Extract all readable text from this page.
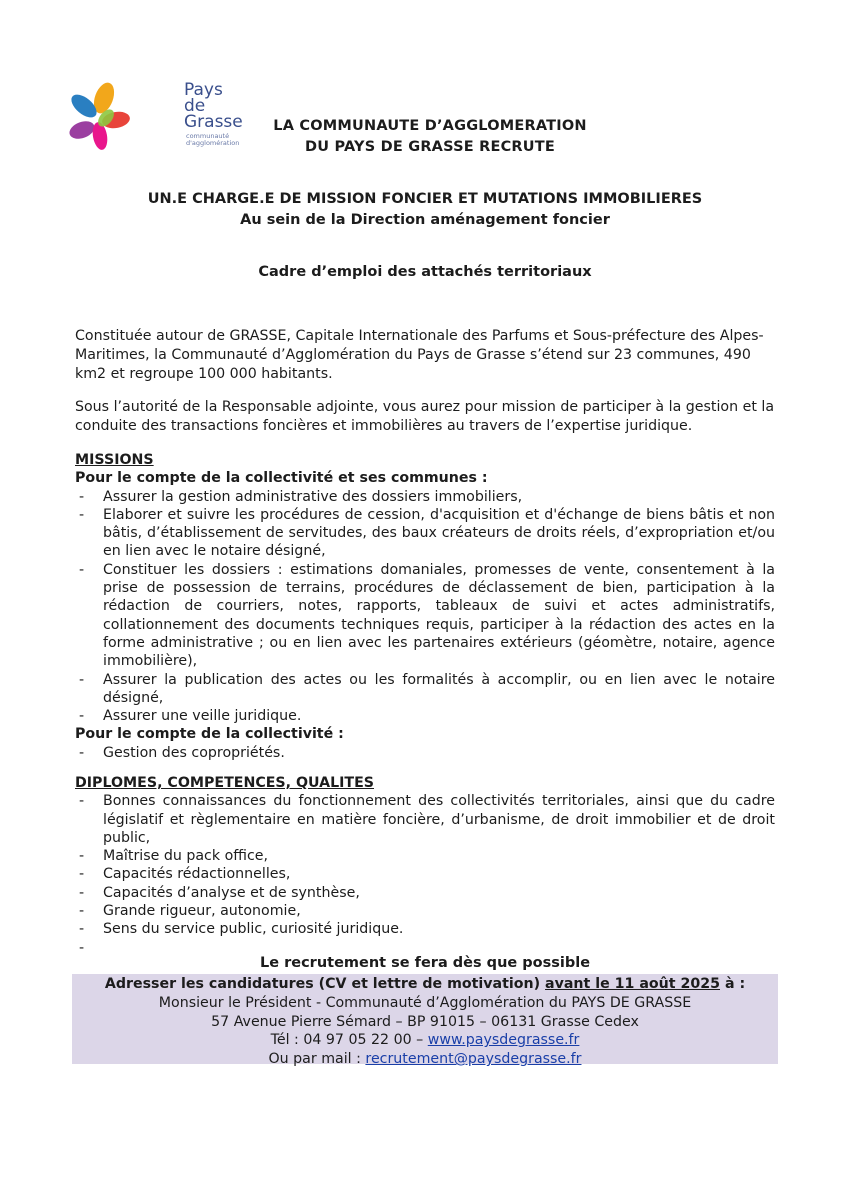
Pays
de
Grasse
communauté
d'agglomération
LA COMMUNAUTE D’AGGLOMERATION
DU PAYS DE GRASSE RECRUTE
UN.E CHARGE.E DE MISSION FONCIER ET MUTATIONS IMMOBILIERES
Au sein de la Direction aménagement foncier
Cadre d’emploi des attachés territoriaux
Constituée autour de GRASSE, Capitale Internationale des Parfums et Sous-préfecture des Alpes-Maritimes, la Communauté d’Agglomération du Pays de Grasse s’étend sur 23 communes, 490 km2 et regroupe 100 000 habitants.
Sous l’autorité de la Responsable adjointe, vous aurez pour mission de participer à la gestion et la conduite des transactions foncières et immobilières au travers de l’expertise juridique.
MISSIONS
Pour le compte de la collectivité et ses communes :
- Assurer la gestion administrative des dossiers immobiliers,
- Elaborer et suivre les procédures de cession, d'acquisition et d'échange de biens bâtis et non bâtis, d’établissement de servitudes, des baux créateurs de droits réels, d’expropriation et/ou en lien avec le notaire désigné,
- Constituer les dossiers : estimations domaniales, promesses de vente, consentement à la prise de possession de terrains, procédures de déclassement de bien, participation à la rédaction de courriers, notes, rapports, tableaux de suivi et actes administratifs, collationnement des documents techniques requis, participer à la rédaction des actes en la forme administrative ; ou en lien avec les partenaires extérieurs (géomètre, notaire, agence immobilière),
- Assurer la publication des actes ou les formalités à accomplir, ou en lien avec le notaire désigné,
- Assurer une veille juridique.
Pour le compte de la collectivité :
- Gestion des copropriétés.
DIPLOMES, COMPETENCES, QUALITES
- Bonnes connaissances du fonctionnement des collectivités territoriales, ainsi que du cadre législatif et règlementaire en matière foncière, d’urbanisme, de droit immobilier et de droit public,
- Maîtrise du pack office,
- Capacités rédactionnelles,
- Capacités d’analyse et de synthèse,
- Grande rigueur, autonomie,
- Sens du service public, curiosité juridique.
-
Le recrutement se fera dès que possible
Adresser les candidatures (CV et lettre de motivation) avant le 11 août 2025 à :
Monsieur le Président - Communauté d’Agglomération du PAYS DE GRASSE
57 Avenue Pierre Sémard – BP 91015 – 06131 Grasse Cedex
Tél : 04 97 05 22 00 – www.paysdegrasse.fr
Ou par mail : recrutement@paysdegrasse.fr
